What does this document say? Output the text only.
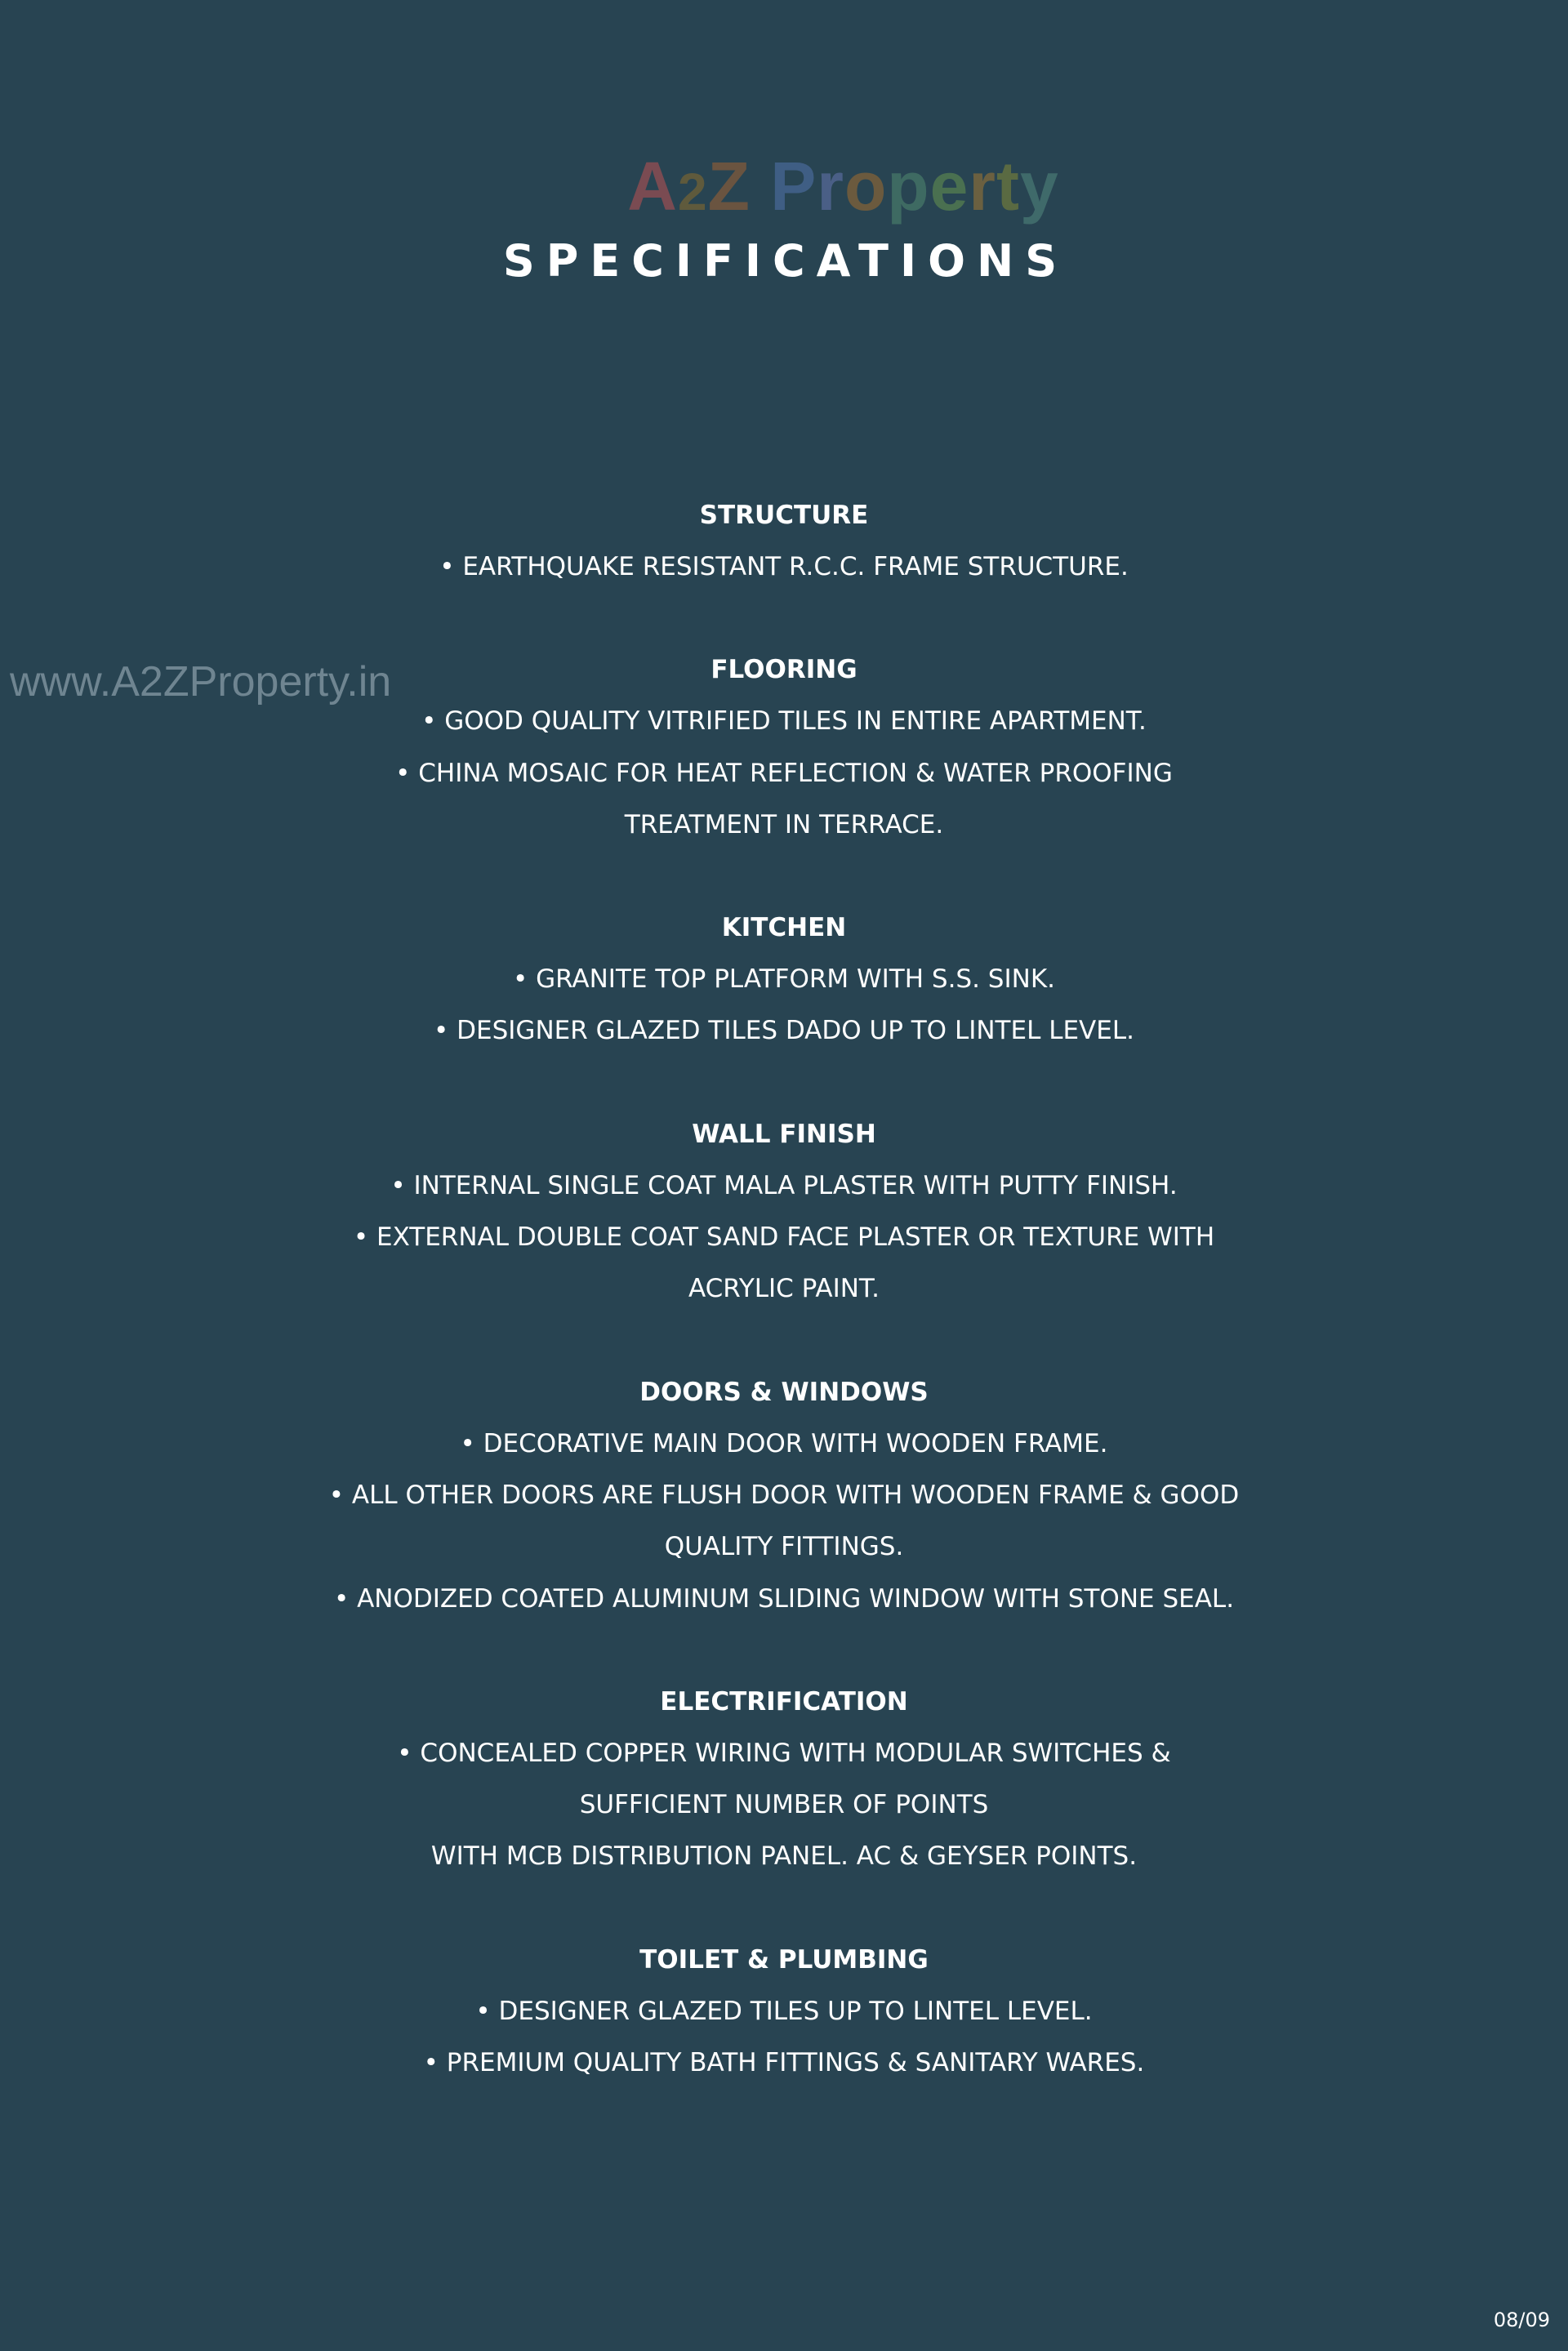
A2Z Property
www.A2ZProperty.in
SPECIFICATIONS
STRUCTURE
• EARTHQUAKE RESISTANT R.C.C. FRAME STRUCTURE.
FLOORING
• GOOD QUALITY VITRIFIED TILES IN ENTIRE APARTMENT.
• CHINA MOSAIC FOR HEAT REFLECTION & WATER PROOFING
TREATMENT IN TERRACE.
KITCHEN
• GRANITE TOP PLATFORM WITH S.S. SINK.
• DESIGNER GLAZED TILES DADO UP TO LINTEL LEVEL.
WALL FINISH
• INTERNAL SINGLE COAT MALA PLASTER WITH PUTTY FINISH.
• EXTERNAL DOUBLE COAT SAND FACE PLASTER OR TEXTURE WITH
ACRYLIC PAINT.
DOORS & WINDOWS
• DECORATIVE MAIN DOOR WITH WOODEN FRAME.
• ALL OTHER DOORS ARE FLUSH DOOR WITH WOODEN FRAME & GOOD
QUALITY FITTINGS.
• ANODIZED COATED ALUMINUM SLIDING WINDOW WITH STONE SEAL.
ELECTRIFICATION
• CONCEALED COPPER WIRING WITH MODULAR SWITCHES &
SUFFICIENT NUMBER OF POINTS
WITH MCB DISTRIBUTION PANEL. AC & GEYSER POINTS.
TOILET & PLUMBING
• DESIGNER GLAZED TILES UP TO LINTEL LEVEL.
• PREMIUM QUALITY BATH FITTINGS & SANITARY WARES.
08/09
